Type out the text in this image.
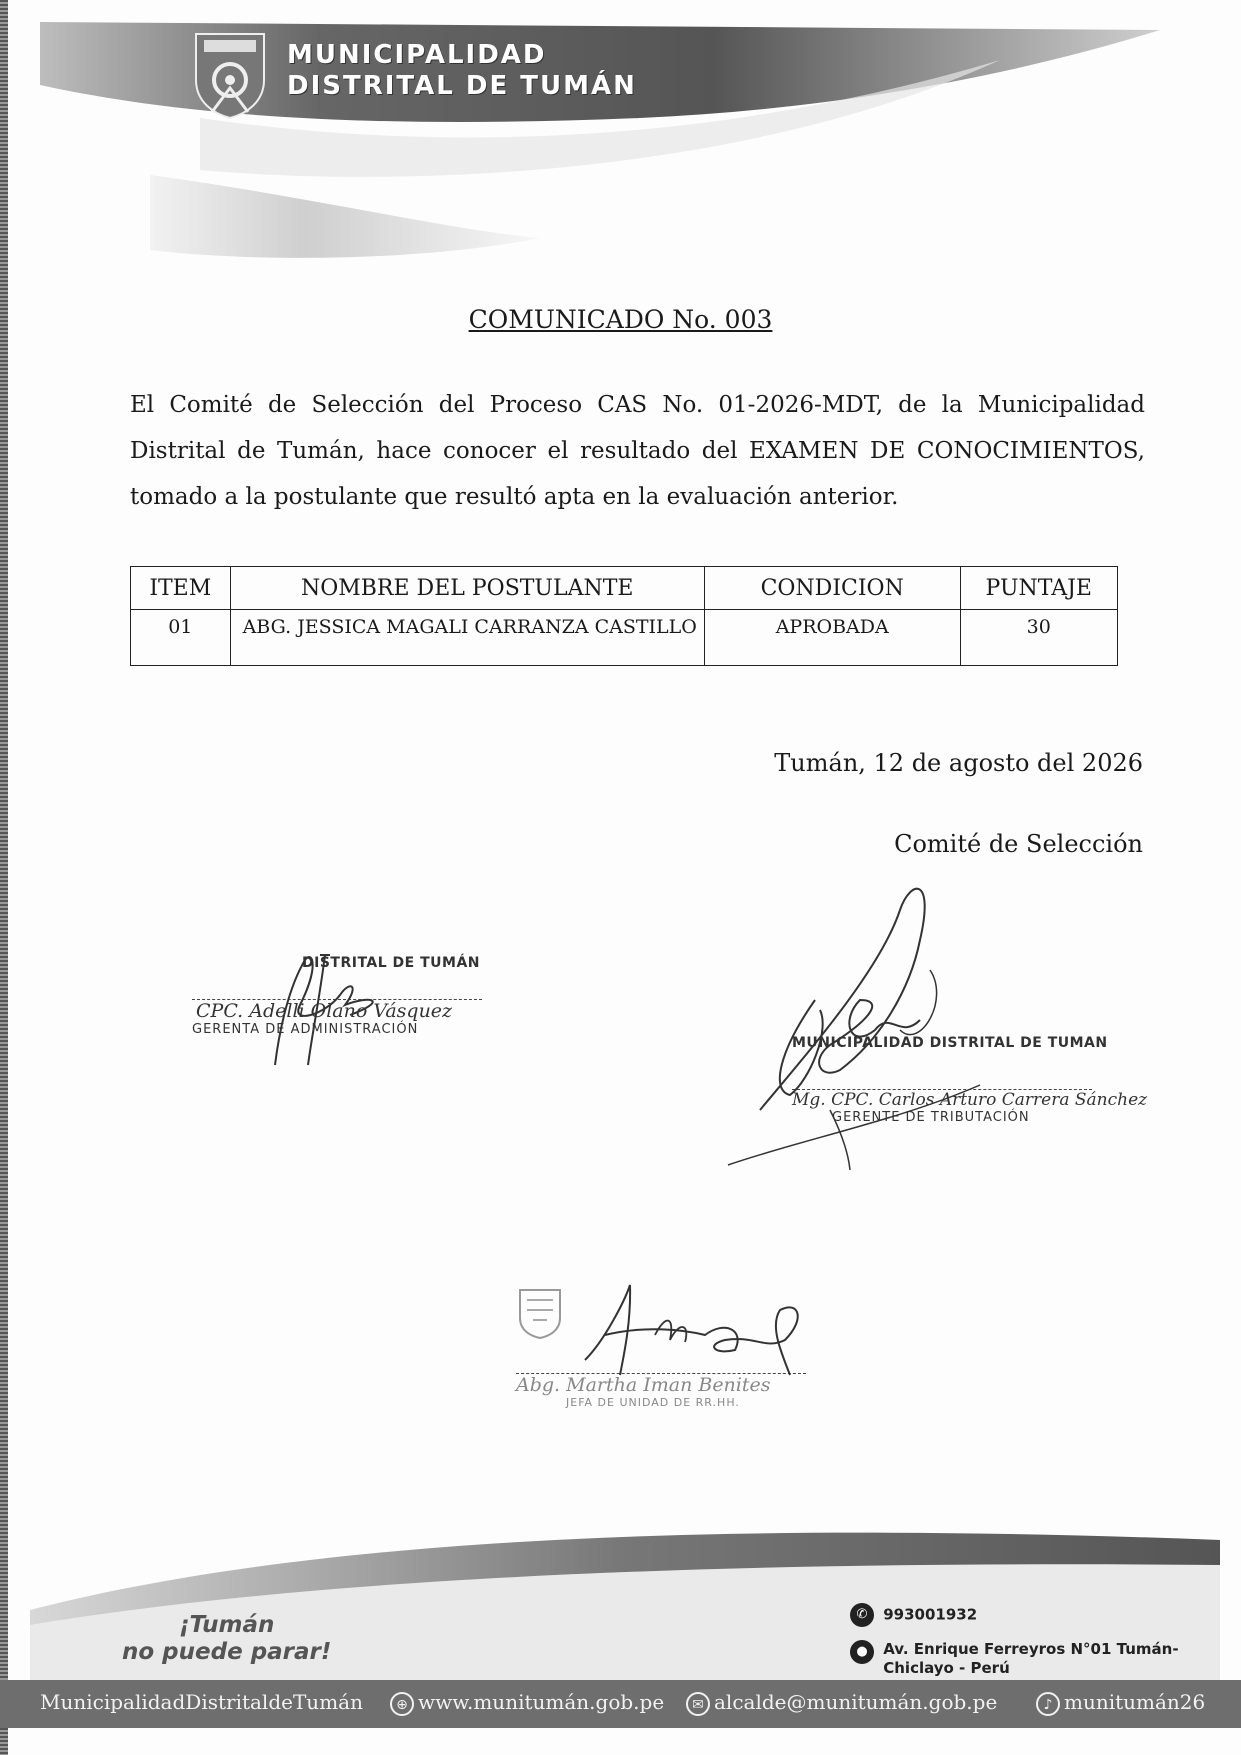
MUNICIPALIDAD
DISTRITAL DE TUMÁN
COMUNICADO No. 003
El Comité de Selección del Proceso CAS No. 01-2026-MDT, de la Municipalidad Distrital de Tumán, hace conocer el resultado del EXAMEN DE CONOCIMIENTOS, tomado a la postulante que resultó apta en la evaluación anterior.
ITEM	NOMBRE DEL POSTULANTE	CONDICION	PUNTAJE
01	ABG. JESSICA MAGALI CARRANZA CASTILLO	APROBADA	30
Tumán, 12 de agosto del 2026
Comité de Selección
DISTRITAL DE TUMÁN
CPC. Adelli Olano Vásquez
GERENTA DE ADMINISTRACIÓN
MUNICIPALIDAD DISTRITAL DE TUMAN
Mg. CPC. Carlos Arturo Carrera Sánchez
GERENTE DE TRIBUTACIÓN
Abg. Martha Iman Benites
JEFA DE UNIDAD DE RR.HH.
¡Tumán
no puede parar!
✆ 993001932
● Av. Enrique Ferreyros N°01 Tumán-
Chiclayo - Perú
MunicipalidadDistritaldeTumán	⊕ www.munitumán.gob.pe	✉ alcalde@munitumán.gob.pe	♪ munitumán26
